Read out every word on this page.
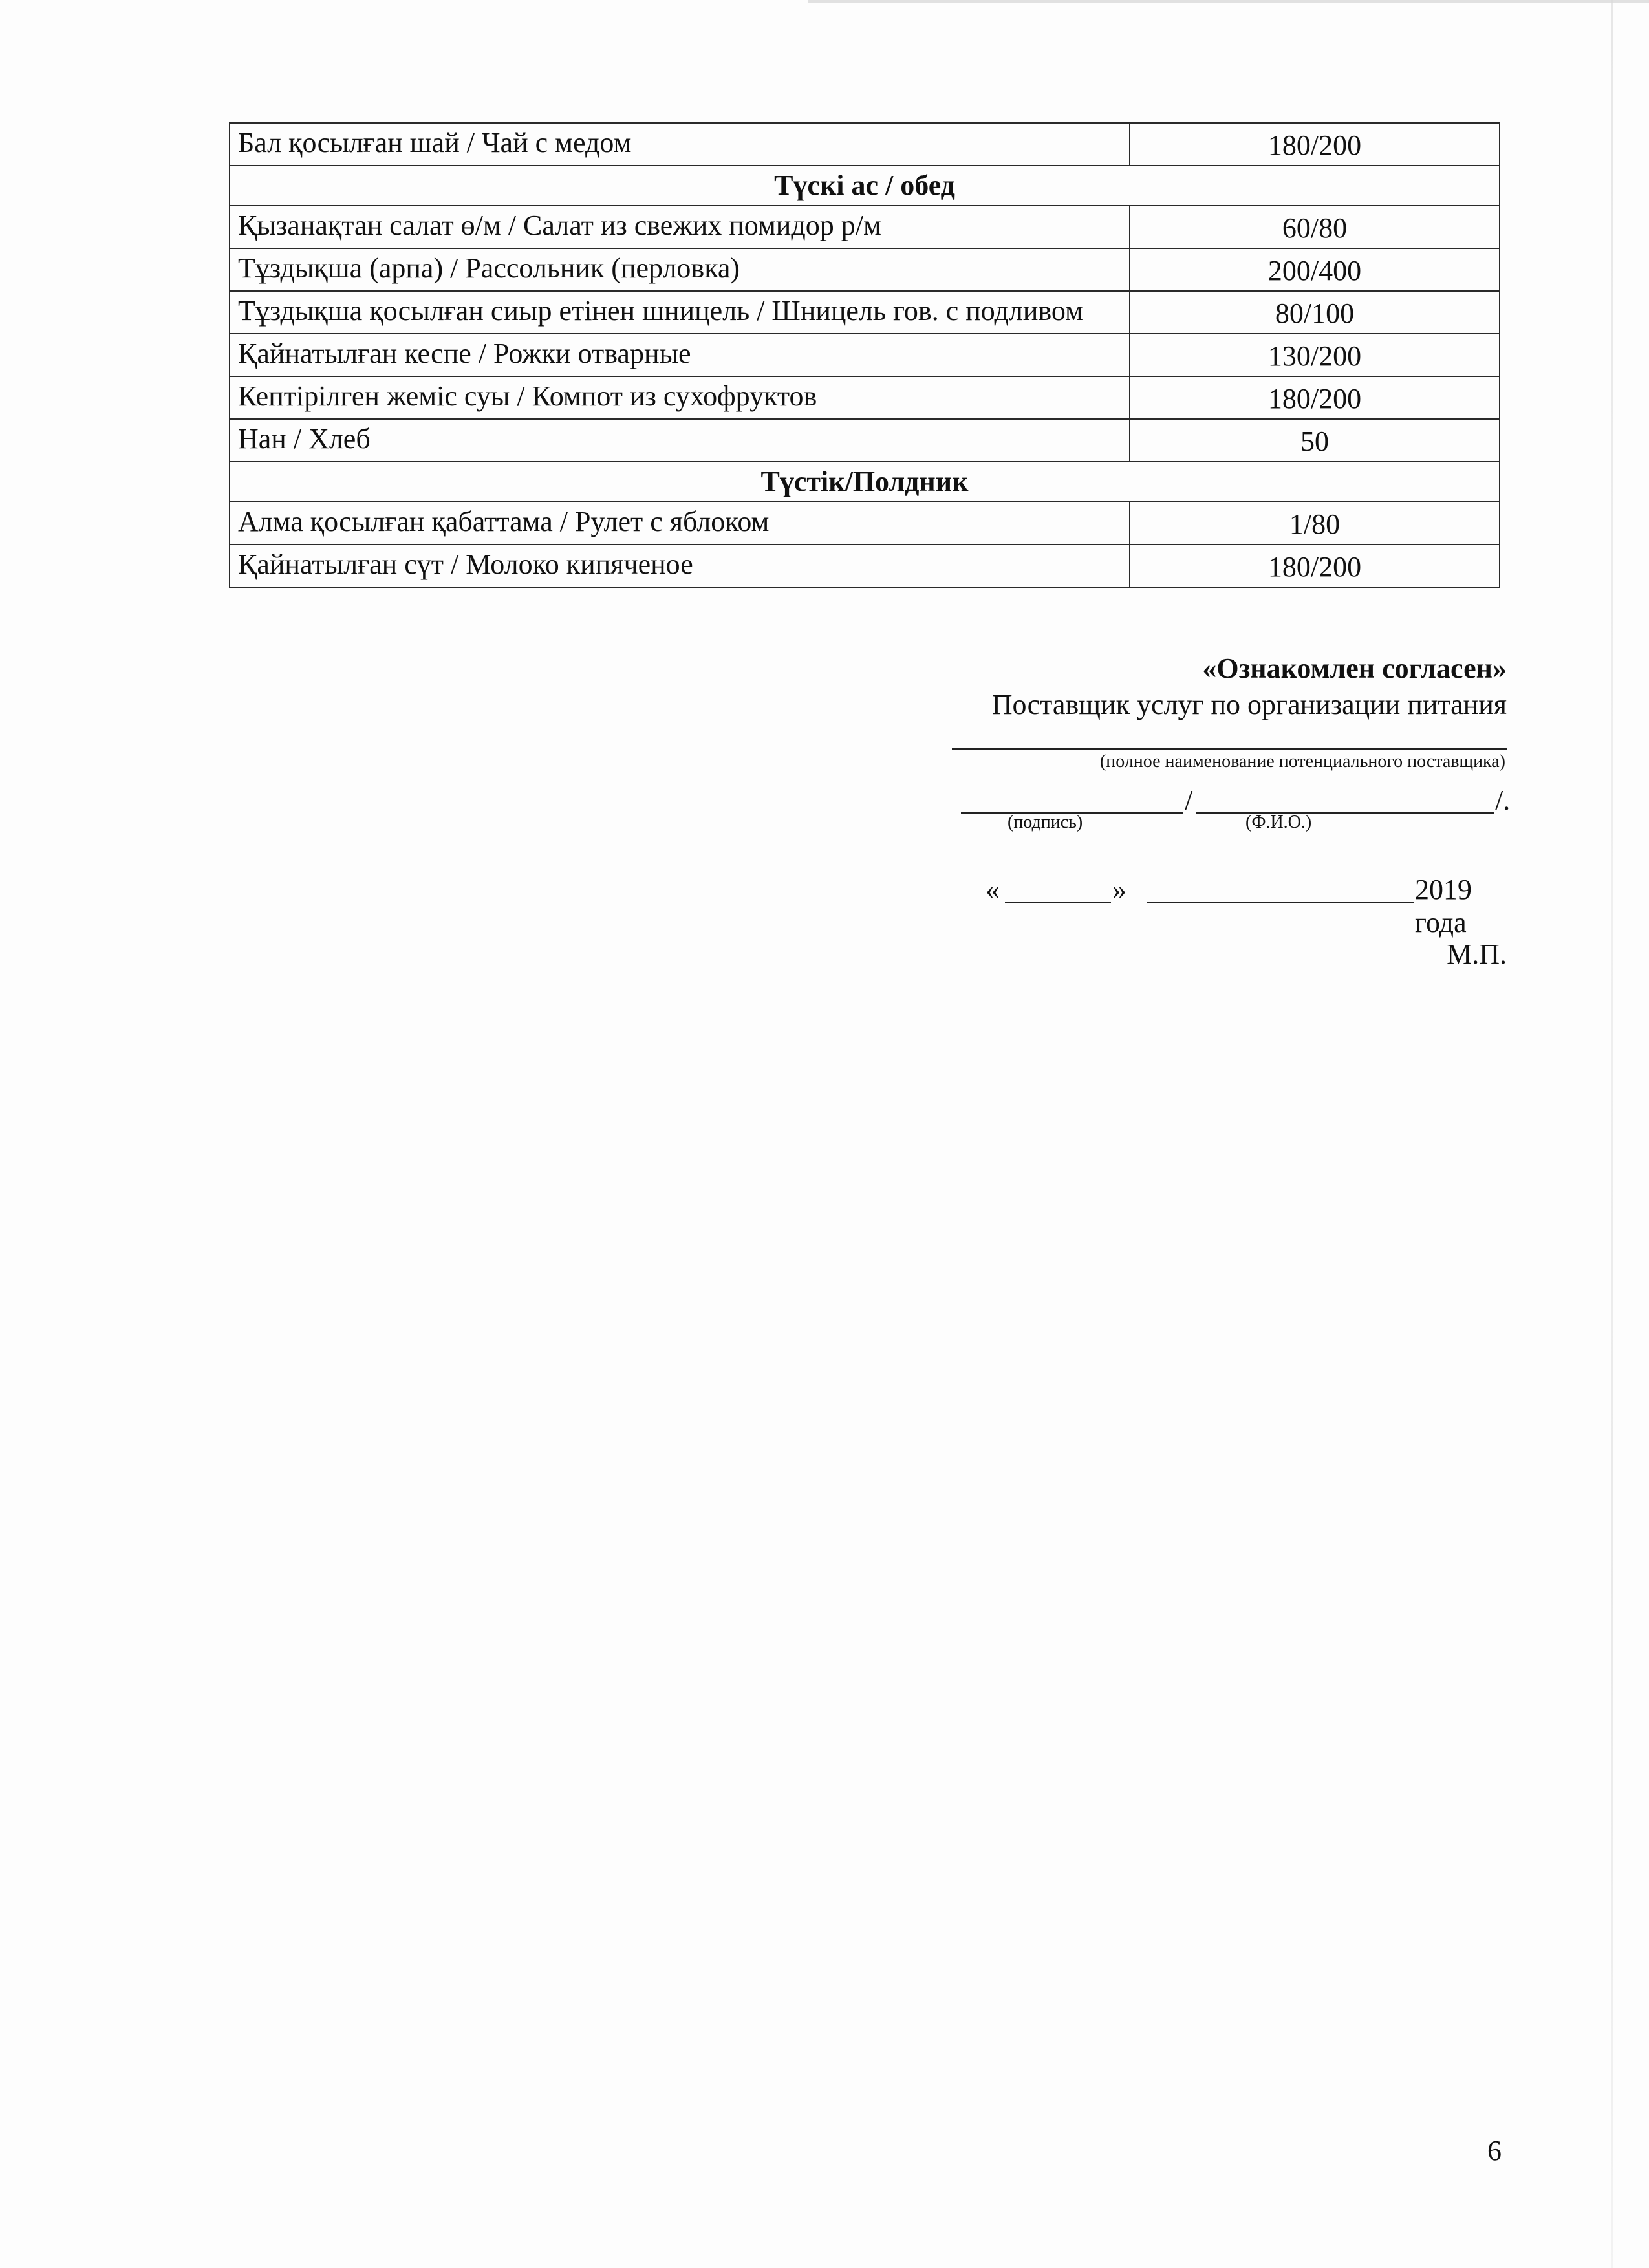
Бал қосылған шай / Чай с медом	180/200
Түскі ас / обед	
Қызанақтан салат ө/м / Салат из свежих помидор р/м	60/80
Тұздықша (арпа) / Рассольник (перловка)	200/400
Тұздықша қосылған сиыр етінен шницель / Шницель гов. с подливом	80/100
Қайнатылған кеспе / Рожки отварные	130/200
Кептірілген жеміс суы / Компот из сухофруктов	180/200
Нан / Хлеб	50
Түстік/Полдник	
Алма қосылған қабаттама / Рулет с яблоком	1/80
Қайнатылған сүт / Молоко кипяченое	180/200
«Ознакомлен согласен»
Поставщик услуг по организации питания
(полное наименование потенциального поставщика)
/	/.
(подпись)	(Ф.И.О.)
«	»	2019 года
М.П.
6
